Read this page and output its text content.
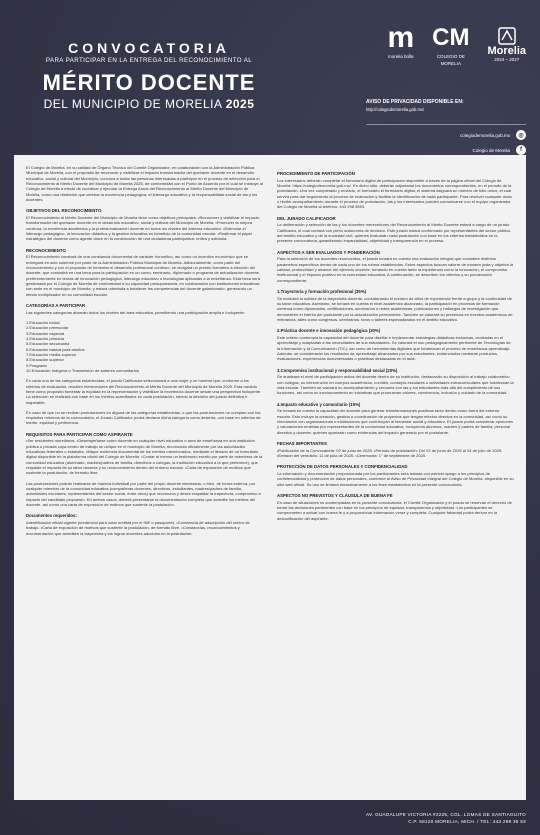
CONVOCATORIA
PARA PARTICIPAR EN LA ENTREGA DEL RECONOCIMIENTO AL
MÉRITO DOCENTE
DEL MUNICIPIO DE MORELIA 2025
m
morelia brilla
CM
COLEGIO DE
MORELIA
Morelia
2024 – 2027
AVISO DE PRIVACIDAD DISPONIBLE EN:
http://colegiodemorelia.gob.mx/
colegiodemorelia.gob.mx	◎
Colegio de Morelia	f

El Colegio de Morelia, en su calidad de Órgano Técnico del Comité Organizador, en colaboración con la Administración Pública Municipal de Morelia, con el propósito de reconocer y visibilizar el impacto transformador del quehacer docente en el desarrollo educativo, social y cultural del Municipio, convoca a todas las personas interesadas a participar en el proceso de selección para el Reconocimiento al Mérito Docente del Municipio de Morelia 2025, de conformidad con el Punto de Acuerdo por el cual se instruye al Colegio de Morelia a efecto de coordinar y ejecutar la Entrega Anual del Reconocimiento al Mérito Docente del Municipio de Morelia, como una distinción que celebra la excelencia pedagógica, el liderazgo educativo y la responsabilidad social de las y los docentes.

OBJETIVOS DEL RECONOCIMIENTO

El Reconocimiento al Mérito Docente del Municipio de Morelia tiene como objetivos principales: •Reconocer y visibilizar el impacto transformador del quehacer docente en el desarrollo educativo, social y cultural del Municipio de Morelia. •Promover la mejora continua, la excelencia académica y la profesionalización docente en todos los niveles del sistema educativo. •Estimular el liderazgo pedagógico, la innovación didáctica y la gestión educativa en beneficio de la comunidad escolar. •Reafirmar el papel estratégico del docente como agente clave en la construcción de una ciudadanía participativa, crítica y solidaria.

RECONOCIMIENTO

El Reconocimiento constará de una constancia documental de carácter honorífico, así como un incentivo económico que se entregará en acto solemne por parte de la Administración Pública Municipal de Morelia. Adicionalmente, como parte del reconocimiento y con el propósito de fomentar el desarrollo profesional continuo, se otorgará un premio formativo a elección del docente, que consistirá en una beca para la participación en un curso, seminario, diplomado o programa de actualización docente, preferentemente en temas de innovación pedagógica, liderazgo educativo o tecnologías aplicadas a la enseñanza. Esta beca será gestionada por el Colegio de Morelia de conformidad a su capacidad presupuestaria, en colaboración con instituciones educativas con sede en el municipio de Morelia, y estará orientada a fortalecer las competencias del docente galardonado, generando un efecto multiplicador en su comunidad escolar.

CATEGORÍAS A PARTICIPAR

Las siguientes categorías abarcan todos los niveles del área educativa, permitiendo una participación amplia e incluyente:

1.Educación inicial
2.Educación preescolar
3.Educación especial
4.Educación primaria
5.Educación secundaria
6.Educación básica para adultos
7.Educación media superior
8.Educación superior
9.Posgrado
10.Educación Indígena o Transmisión de saberes comunitarios

En cada una de las categorías establecidas, el jurado Calificador seleccionará a una mujer y un hombre que, conforme a los criterios de evaluación, resulten merecedores del Reconocimiento al Mérito Docente del Municipio de Morelia 2025. Esta medida tiene como propósito fomentar la equidad en la representación y visibilizar la excelencia docente desde una perspectiva incluyente. La selección se realizará con base en los méritos acreditados en cada postulación, siendo la decisión del jurado definitiva e inapelable.

En caso de que no se reciban postulaciones en alguna de las categorías establecidas, o que las postulaciones no cumplan con los requisitos mínimos de la convocatoria, el Jurado Calificador podrá declarar dicha categoría como desierta, con base en criterios de mérito, equidad y pertinencia.

REQUISITOS PARA PARTICIPAR COMO ASPIRANTE

•Ser residentes morelianos. •Desempeñarse como docente en cualquier nivel educativo o área de enseñanza en una institución pública o privada cuya centro de trabajo se ubique en el municipio de Morelia, reconocida oficialmente por las autoridades educativas federales o estatales. •Mayor evidencia documental de los méritos mencionados, mediante el llenado de un formulario digital disponible en la plataforma oficial del Colegio de Morelia. •Contar al menos un testimonio escrito por parte de miembros de la comunidad educativa (alumnado, madres/padres de familia, directivos o colegas, la institución educativa a la que pertenece), que respalde el impacto de su labor docente y su reconocimiento dentro del entorno escolar. •Carta de exposición de motivos que sustente la postulación, de formato libre.

Las postulaciones podrán realizarse de manera individual por parte del propio docente interesado, o bien, de forma externa, por cualquier miembro de la comunidad educativa (compañeras docentes, directivos, estudiantes, madres/padres de familia, autoridades escolares, representantes del sector social, entre otros) que reconozca y desee respaldar la trayectoria, compromiso e impacto del candidato propuesto. En ambos casos, deberá presentarse la documentación completa que acredite los méritos del docente, así como una carta de exposición de motivos que sustente la postulación.

Documentos requeridos:

•Identificación oficial vigente (credencial para votar emitida por el INE o pasaporte). •Constancia de adscripción del centro de trabajo. •Carta de exposición de motivos que sustente la postulación, de formato libre. •Constancias, reconocimientos y documentación que acrediten la trayectoria y los logros docentes aducidos en la postulación.

PROCEDIMIENTO DE PARTICIPACIÓN

Los interesados deberán completar el formulario digital de participación disponible a través de la página oficial del Colegio de Morelia: https://colegiodemorelia.gob.mx/. En dicho sitio, deberán adjuntarse los documentos correspondientes, en el periodo de la postulación. Una vez completado y enviado, el formulario el formulario digital, el sistema asignará un número de folio único, el cual servirá para dar seguimiento al proceso de evaluación y facilitar la identificación de cada participante. Para resolver cualquier duda o recibir acompañamiento durante el proceso de postulación, las y los interesados pueden comunicarse con el equipo organizador del Colegio de Morelia al teléfono: 443 298 3593.

DEL JURADO CALIFICADOR

La deliberación y selección de las y los docentes merecedores del Reconocimiento al Mérito Docente estará a cargo de un jurado Calificador, el cual contará con pleno autonomía de decisión. Este jurado estará conformado por representantes del sector público, del ámbito educativo y de la sociedad civil, quienes evaluarán cada postulación con base en los criterios establecidos en la presente convocatoria, garantizando imparcialidad, objetividad y transparencia en el proceso.

ASPECTOS A SER EVALUADOS Y PONDERACIÓN

Para la selección de los docentes reconocidos, el jurado tomará en cuenta una evaluación integral que considere distintos parámetros específicos dentro de cada uno de los rubros establecidos. Estos aspectos buscan valorar de manera justa y objetiva la calidad, profundidad y alcance del ejercicio docente, tomando en cuenta tanto la experiencia como la innovación, el compromiso institucional y el impacto positivo en la comunidad educativa. A continuación, se describen los criterios y su ponderación correspondiente:

1.Trayectoria y formación profesional (35%)

Se evaluará la solidez de la trayectoria docente, considerando el número de años de experiencia frente a grupo y la continuidad de su labor educativa. Asimismo, se tomará en cuenta el nivel académico alcanzado, la participación en procesos de formación continua como diplomados, certificaciones, seminarios o redes académicas, publicaciones y hallazgos de investigación que demuestren el interés del postulante por la actualización permanente. También se valorará su presencia en eventos académicos de relevancia, tales como congresos, seminarios, foros o talleres especializados en el ámbito educativo.

2.Práctica docente e innovación pedagógica (30%)

Este criterio contempla la capacidad del docente para diseñar e implementar estrategias didácticas inclusivas, centradas en el aprendizaje y adaptadas a las necesidades de sus estudiantes. Se valorará el uso pedagógicamente pertinente de Tecnologías de la Información y la Comunicación (TIC), así como de herramientas digitales que fortalezcan el proceso de enseñanza-aprendizaje. Además, se considerarán los resultados de aprendizaje alcanzados por sus estudiantes, evidenciados mediante productos, evaluaciones, experiencias documentadas o prácticas destacadas en el aula.

3.Compromiso institucional y responsabilidad social (20%)

Se analizará el nivel de participación activa del docente dentro de su institución, destacando su disposición al trabajo colaborativo con colegas, su intervención en cuerpos académicos, comités, consejos escolares o actividades extracurriculares que fortalezcan la vida escolar. También se valorará su acompañamiento y cercanía con las y los estudiantes más allá del cumplimiento de sus funciones, así como su involucramiento en iniciativas que promuevan valores, convivencia, inclusión y cuidado de la comunidad.

4.Impacto educativo y comunitario (15%)

Se tomará en cuenta la capacidad del docente para generar transformaciones positivas tanto dentro como fuera del entorno escolar. Esto incluye la creación, gestión o coordinación de proyectos que tengan efectos directos en la comunidad, así como su vinculación con organizaciones o instituciones que contribuyan al bienestar social y educativo. El jurado podrá considerar opiniones y valoraciones emitidas por representantes de la comunidad educativa, incluyendo alumnos, madres y padres de familia, personal directivo y docente, quienes aportarán como evidencias del impacto generado por el postulante.

FECHAS IMPORTANTES

•Publicación de la Convocatoria: 02 de junio de 2025. •Periodo de postulación: Del 02 de junio de 2025 al 04 de julio de 2025. •Emisión del veredicto: 11 de julio de 2025. •Ceremonia: 1° de septiembre de 2025.

PROTECCIÓN DE DATOS PERSONALES Y CONFIDENCIALIDAD

La información y documentación proporcionada por los participantes será tratada con estricto apego a los principios de confidencialidad y protección de datos personales, conforme al Aviso de Privacidad Integral del Colegio de Morelia, disponible en su sitio web oficial. Su uso se limitará exclusivamente a los fines establecidos en la presente convocatoria.

ASPECTOS NO PREVISTOS Y CLÁUSULA DE BUENA FE

En caso de situaciones no contempladas en la presente convocatoria, el Comité Organizador y el jurado se reservan el derecho de tomar las decisiones pertinentes con base en los principios de equidad, transparencia y objetividad. Los participantes se comprometen a actuar con buena fe y a proporcionar información veraz y completa. Cualquier falsedad podrá derivar en la descalificación del aspirante.

AV. GUADALUPE VICTORIA #2225, COL. LOMAS DE SANTIAGUITO
C.P. 58120 MORELIA, MICH. / TEL: 443 298 35 93
